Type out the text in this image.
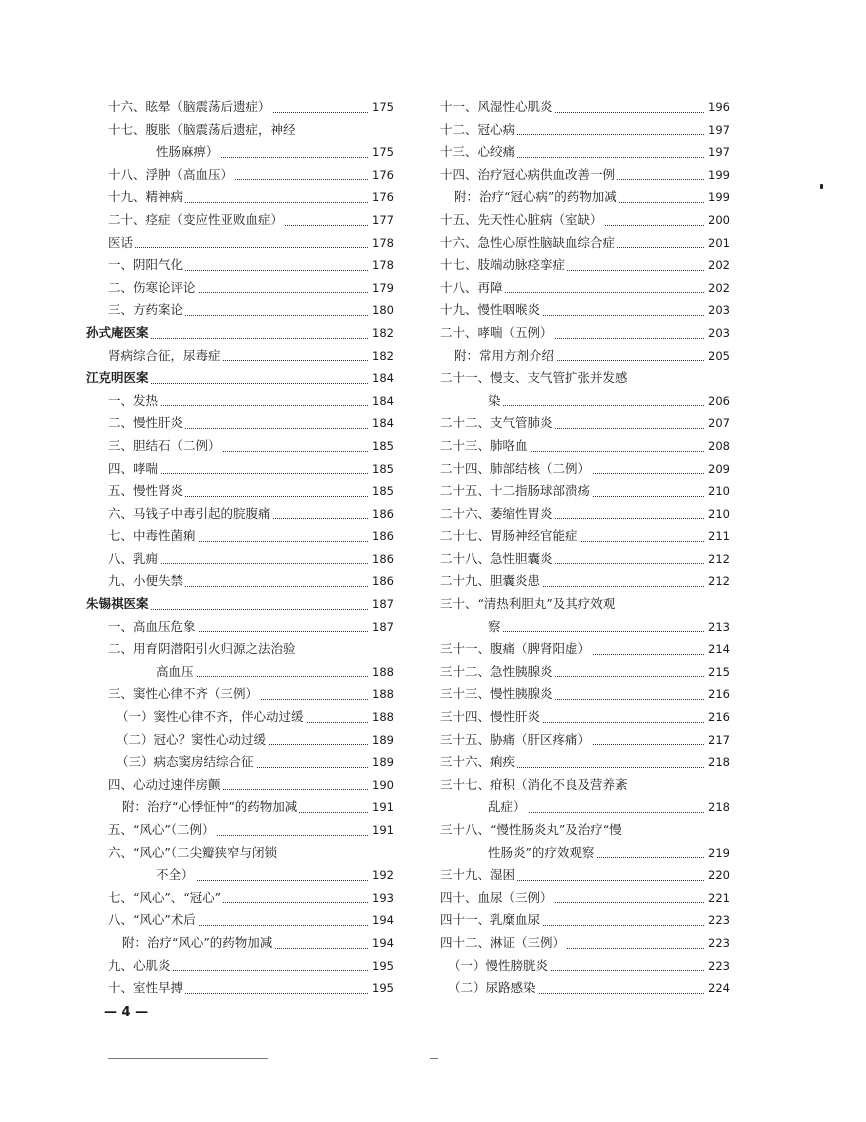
十六、眩晕（脑震荡后遗症）	175
十七、腹胀（脑震荡后遗症，神经
性肠麻痹）	175
十八、浮肿（高血压）	176
十九、精神病	176
二十、痉症（变应性亚败血症）	177
医话	178
一、阴阳气化	178
二、伤寒论评论	179
三、方药案论	180
孙式庵医案	182
肾病综合征，尿毒症	182
江克明医案	184
一、发热	184
二、慢性肝炎	184
三、胆结石（二例）	185
四、哮喘	185
五、慢性肾炎	185
六、马钱子中毒引起的脘腹痛	186
七、中毒性菌痢	186
八、乳痈	186
九、小便失禁	186
朱锡祺医案	187
一、高血压危象	187
二、用育阴潜阳引火归源之法治验
高血压	188
三、窦性心律不齐（三例）	188
（一）窦性心律不齐，伴心动过缓	188
（二）冠心？窦性心动过缓	189
（三）病态窦房结综合征	189
四、心动过速伴房颤	190
附：治疗“心悸怔忡”的药物加减	191
五、“风心”（二例）	191
六、“风心”（二尖瓣狭窄与闭锁
不全）	192
七、“风心”、“冠心”	193
八、“风心”术后	194
附：治疗“风心”的药物加减	194
九、心肌炎	195
十、室性早搏	195
十一、风湿性心肌炎	196
十二、冠心病	197
十三、心绞痛	197
十四、治疗冠心病供血改善一例	199
附：治疗“冠心病”的药物加减	199
十五、先天性心脏病（室缺）	200
十六、急性心原性脑缺血综合症	201
十七、肢端动脉痉挛症	202
十八、再障	202
十九、慢性咽喉炎	203
二十、哮喘（五例）	203
附：常用方剂介绍	205
二十一、慢支、支气管扩张并发感
染	206
二十二、支气管肺炎	207
二十三、肺咯血	208
二十四、肺部结核（二例）	209
二十五、十二指肠球部溃疡	210
二十六、萎缩性胃炎	210
二十七、胃肠神经官能症	211
二十八、急性胆囊炎	212
二十九、胆囊炎患	212
三十、“清热利胆丸”及其疗效观
察	213
三十一、腹痛（脾肾阳虚）	214
三十二、急性胰腺炎	215
三十三、慢性胰腺炎	216
三十四、慢性肝炎	216
三十五、胁痛（肝区疼痛）	217
三十六、痢疾	218
三十七、疳积（消化不良及营养紊
乱症）	218
三十八、“慢性肠炎丸”及治疗“慢
性肠炎”的疗效观察	219
三十九、湿困	220
四十、血尿（三例）	221
四十一、乳糜血尿	223
四十二、淋证（三例）	223
（一）慢性膀胱炎	223
（二）尿路感染	224
— 4 —
